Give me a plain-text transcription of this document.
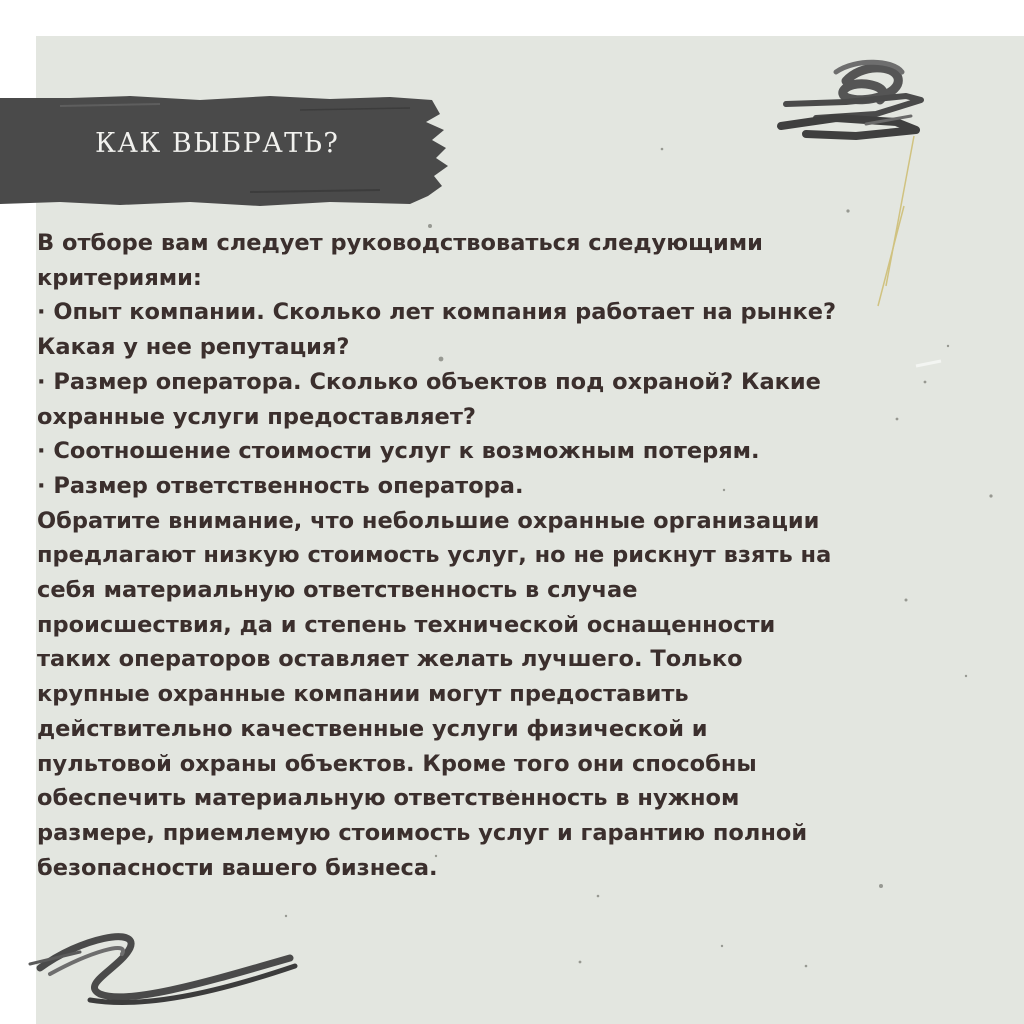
КАК ВЫБРАТЬ?
В отборе вам следует руководствоваться следующими
критериями:
· Опыт компании. Сколько лет компания работает на рынке?
Какая у нее репутация?
· Размер оператора. Сколько объектов под охраной? Какие
охранные услуги предоставляет?
· Соотношение стоимости услуг к возможным потерям.
· Размер ответственность оператора.
Обратите внимание, что небольшие охранные организации
предлагают низкую стоимость услуг, но не рискнут взять на
себя материальную ответственность в случае
происшествия, да и степень технической оснащенности
таких операторов оставляет желать лучшего. Только
крупные охранные компании могут предоставить
действительно качественные услуги физической и
пультовой охраны объектов. Кроме того они способны
обеспечить материальную ответственность в нужном
размере, приемлемую стоимость услуг и гарантию полной
безопасности вашего бизнеса.
